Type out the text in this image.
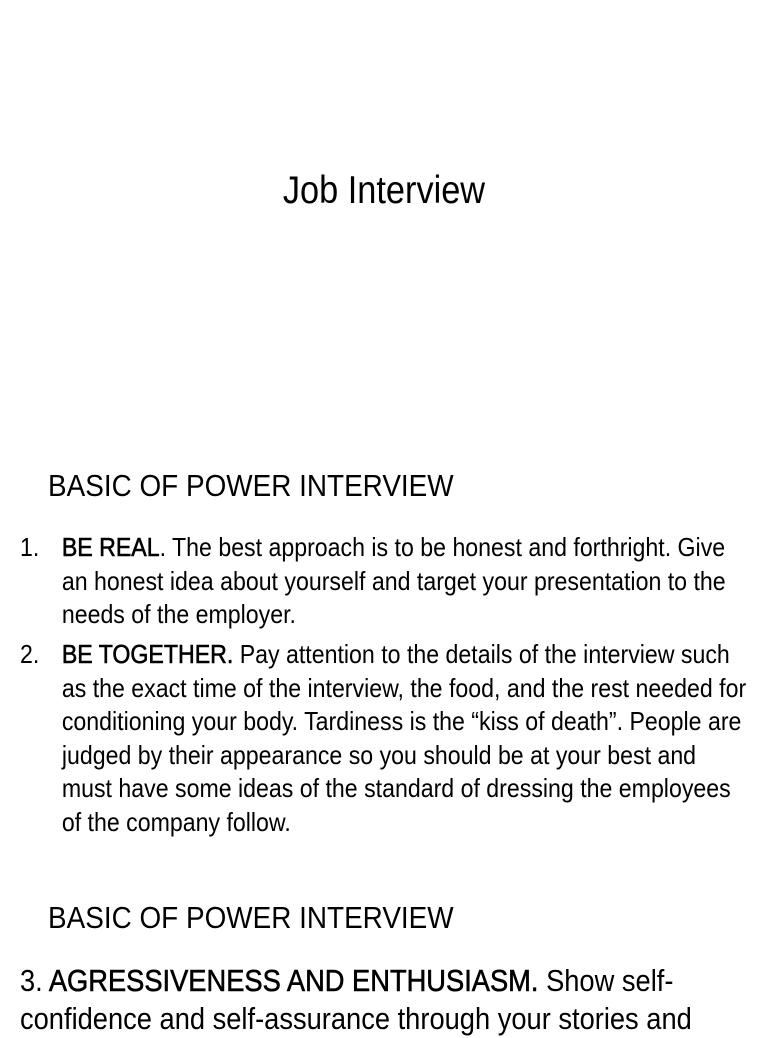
Job Interview
BASIC OF POWER INTERVIEW
1. BE REAL. The best approach is to be honest and forthright. Give an honest idea about yourself and target your presentation to the needs of the employer.
2. BE TOGETHER. Pay attention to the details of the interview such as the exact time of the interview, the food, and the rest needed for conditioning your body. Tardiness is the “kiss of death”. People are judged by their appearance so you should be at your best and must have some ideas of the standard of dressing the employees of the company follow.
BASIC OF POWER INTERVIEW
3. AGRESSIVENESS AND ENTHUSIASM. Show self-confidence and self-assurance through your stories and
